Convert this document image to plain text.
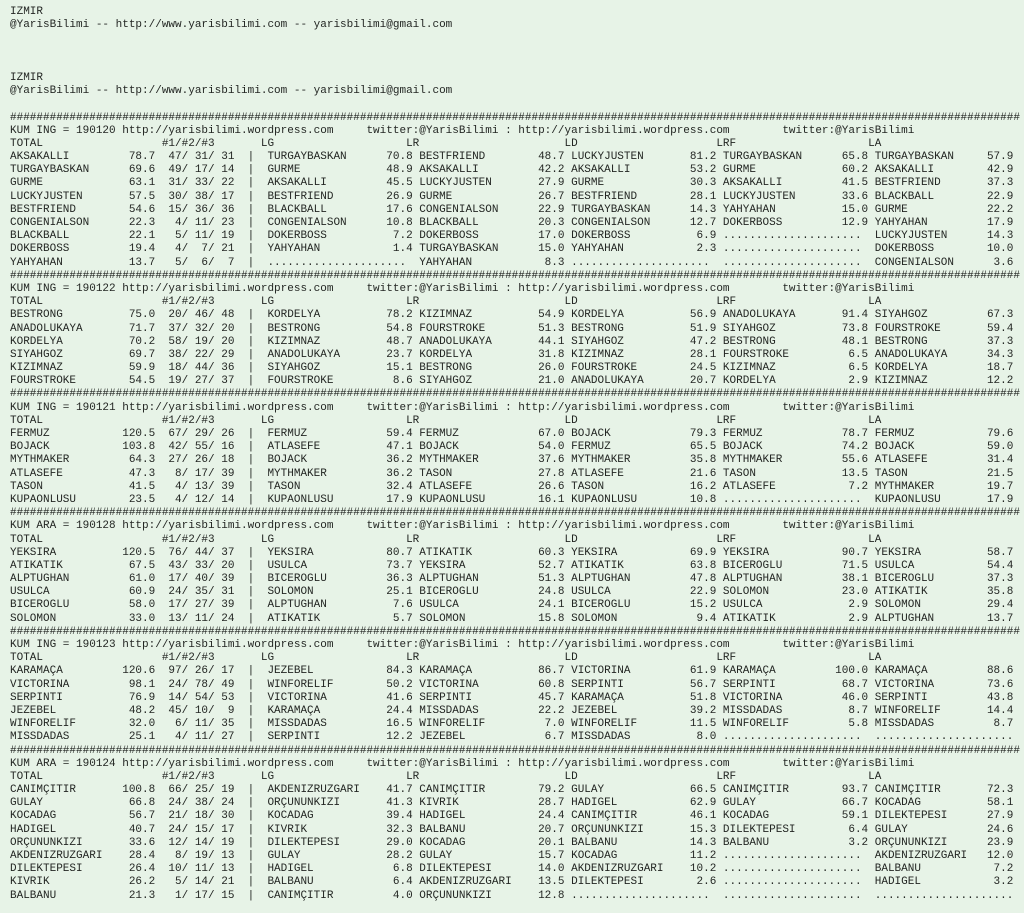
IZMIR
@YarisBilimi -- http://www.yarisbilimi.com -- yarisbilimi@gmail.com
IZMIR
@YarisBilimi -- http://www.yarisbilimi.com -- yarisbilimi@gmail.com
#########################################################################################################################################################
KUM ING = 190120 http://yarisbilimi.wordpress.com     twitter:@YarisBilimi : http://yarisbilimi.wordpress.com        twitter:@YarisBilimi
TOTAL                  #1/#2/#3       LG                    LR                      LD                     LRF                    LA
AKSAKALLI         78.7  47/ 31/ 31  |  TURGAYBASKAN      70.8 BESTFRIEND        48.7 LUCKYJUSTEN       81.2 TURGAYBASKAN      65.8 TURGAYBASKAN     57.9
TURGAYBASKAN      69.6  49/ 17/ 14  |  GURME             48.9 AKSAKALLI         42.2 AKSAKALLI         53.2 GURME             60.2 AKSAKALLI        42.9
GURME             63.1  31/ 33/ 22  |  AKSAKALLI         45.5 LUCKYJUSTEN       27.9 GURME             30.3 AKSAKALLI         41.5 BESTFRIEND       37.3
LUCKYJUSTEN       57.5  30/ 38/ 17  |  BESTFRIEND        26.9 GURME             26.7 BESTFRIEND        28.1 LUCKYJUSTEN       33.6 BLACKBALL        22.9
BESTFRIEND        54.6  15/ 36/ 36  |  BLACKBALL         17.6 CONGENIALSON      22.9 TURGAYBASKAN      14.3 YAHYAHAN          15.0 GURME            22.2
CONGENIALSON      22.3   4/ 11/ 23  |  CONGENIALSON      10.8 BLACKBALL         20.3 CONGENIALSON      12.7 DÖKERBOSS         12.9 YAHYAHAN         17.9
BLACKBALL         22.1   5/ 11/ 19  |  DÖKERBOSS          7.2 DÖKERBOSS         17.0 DÖKERBOSS          6.9 .....................  LUCKYJUSTEN      14.3
DÖKERBOSS         19.4   4/  7/ 21  |  YAHYAHAN           1.4 TURGAYBASKAN      15.0 YAHYAHAN           2.3 .....................  DÖKERBOSS        10.0
YAHYAHAN          13.7   5/  6/  7  |  .....................  YAHYAHAN           8.3 .....................  .....................  CONGENIALSON      3.6
#########################################################################################################################################################
KUM ING = 190122 http://yarisbilimi.wordpress.com     twitter:@YarisBilimi : http://yarisbilimi.wordpress.com        twitter:@YarisBilimi
TOTAL                  #1/#2/#3       LG                    LR                      LD                     LRF                    LA
BESTRONG          75.0  20/ 46/ 48  |  KORDELYA          78.2 KIZIMNAZ          54.9 KORDELYA          56.9 ANADOLUKAYA       91.4 SIYAHGÖZ         67.3
ANADOLUKAYA       71.7  37/ 32/ 20  |  BESTRONG          54.8 FOURSTROKE        51.3 BESTRONG          51.9 SIYAHGÖZ          73.8 FOURSTROKE       59.4
KORDELYA          70.2  58/ 19/ 20  |  KIZIMNAZ          48.7 ANADOLUKAYA       44.1 SIYAHGÖZ          47.2 BESTRONG          48.1 BESTRONG         37.3
SIYAHGÖZ          69.7  38/ 22/ 29  |  ANADOLUKAYA       23.7 KORDELYA          31.8 KIZIMNAZ          28.1 FOURSTROKE         6.5 ANADOLUKAYA      34.3
KIZIMNAZ          59.9  18/ 44/ 36  |  SIYAHGÖZ          15.1 BESTRONG          26.0 FOURSTROKE        24.5 KIZIMNAZ           6.5 KORDELYA         18.7
FOURSTROKE        54.5  19/ 27/ 37  |  FOURSTROKE         8.6 SIYAHGÖZ          21.0 ANADOLUKAYA       20.7 KORDELYA           2.9 KIZIMNAZ         12.2
#########################################################################################################################################################
KUM ING = 190121 http://yarisbilimi.wordpress.com     twitter:@YarisBilimi : http://yarisbilimi.wordpress.com        twitter:@YarisBilimi
TOTAL                  #1/#2/#3       LG                    LR                      LD                     LRF                    LA
FERMUZ           120.5  67/ 29/ 26  |  FERMUZ            59.4 FERMUZ            67.0 BOJACK            79.3 FERMUZ            78.7 FERMUZ           79.6
BOJACK           103.8  42/ 55/ 16  |  ATLASEFE          47.1 BOJACK            54.0 FERMUZ            65.5 BOJACK            74.2 BOJACK           59.0
MYTHMAKER         64.3  27/ 26/ 18  |  BOJACK            36.2 MYTHMAKER         37.6 MYTHMAKER         35.8 MYTHMAKER         55.6 ATLASEFE         31.4
ATLASEFE          47.3   8/ 17/ 39  |  MYTHMAKER         36.2 TASON             27.8 ATLASEFE          21.6 TASON             13.5 TASON            21.5
TASON             41.5   4/ 13/ 39  |  TASON             32.4 ATLASEFE          26.6 TASON             16.2 ATLASEFE           7.2 MYTHMAKER        19.7
KUPAONLUSU        23.5   4/ 12/ 14  |  KUPAONLUSU        17.9 KUPAONLUSU        16.1 KUPAONLUSU        10.8 .....................  KUPAONLUSU       17.9
#########################################################################################################################################################
KUM ARA = 190128 http://yarisbilimi.wordpress.com     twitter:@YarisBilimi : http://yarisbilimi.wordpress.com        twitter:@YarisBilimi
TOTAL                  #1/#2/#3       LG                    LR                      LD                     LRF                    LA
YEKSIRA          120.5  76/ 44/ 37  |  YEKSIRA           80.7 ATIKATIK          60.3 YEKSIRA           69.9 YEKSIRA           90.7 YEKSIRA          58.7
ATIKATIK          67.5  43/ 33/ 20  |  USULCA            73.7 YEKSIRA           52.7 ATIKATIK          63.8 BICEROGLU         71.5 USULCA           54.4
ALPTUGHAN         61.0  17/ 40/ 39  |  BICEROGLU         36.3 ALPTUGHAN         51.3 ALPTUGHAN         47.8 ALPTUGHAN         38.1 BICEROGLU        37.3
USULCA            60.9  24/ 35/ 31  |  SOLOMON           25.1 BICEROGLU         24.8 USULCA            22.9 SOLOMON           23.0 ATIKATIK         35.8
BICEROGLU         58.0  17/ 27/ 39  |  ALPTUGHAN          7.6 USULCA            24.1 BICEROGLU         15.2 USULCA             2.9 SOLOMON          29.4
SOLOMON           33.0  13/ 11/ 24  |  ATIKATIK           5.7 SOLOMON           15.8 SOLOMON            9.4 ATIKATIK           2.9 ALPTUGHAN        13.7
#########################################################################################################################################################
KUM ING = 190123 http://yarisbilimi.wordpress.com     twitter:@YarisBilimi : http://yarisbilimi.wordpress.com        twitter:@YarisBilimi
TOTAL                  #1/#2/#3       LG                    LR                      LD                     LRF                    LA
KARAMAÇA         120.6  97/ 26/ 17  |  JEZEBEL           84.3 KARAMAÇA          86.7 VICTORINA         61.9 KARAMAÇA         100.0 KARAMAÇA         88.6
VICTORINA         98.1  24/ 78/ 49  |  WINFORELIF        50.2 VICTORINA         60.8 SERPINTI          56.7 SERPINTI          68.7 VICTORINA        73.6
SERPINTI          76.9  14/ 54/ 53  |  VICTORINA         41.6 SERPINTI          45.7 KARAMAÇA          51.8 VICTORINA         46.0 SERPINTI         43.8
JEZEBEL           48.2  45/ 10/  9  |  KARAMAÇA          24.4 MISSDADAS         22.2 JEZEBEL           39.2 MISSDADAS          8.7 WINFORELIF       14.4
WINFORELIF        32.0   6/ 11/ 35  |  MISSDADAS         16.5 WINFORELIF         7.0 WINFORELIF        11.5 WINFORELIF         5.8 MISSDADAS         8.7
MISSDADAS         25.1   4/ 11/ 27  |  SERPINTI          12.2 JEZEBEL            6.7 MISSDADAS          8.0 .....................  .....................
#########################################################################################################################################################
KUM ARA = 190124 http://yarisbilimi.wordpress.com     twitter:@YarisBilimi : http://yarisbilimi.wordpress.com        twitter:@YarisBilimi
TOTAL                  #1/#2/#3       LG                    LR                      LD                     LRF                    LA
CANIMÇITIR       100.8  66/ 25/ 19  |  AKDENIZRÜZGARI    41.7 CANIMÇITIR        79.2 GÜLAY             66.5 CANIMÇITIR        93.7 CANIMÇITIR       72.3
GÜLAY             66.8  24/ 38/ 24  |  ORÇUNUNKIZI       41.3 KIVRIK            28.7 HADIGEL           62.9 GÜLAY             66.7 KOCADAG          58.1
KOCADAG           56.7  21/ 18/ 30  |  KOCADAG           39.4 HADIGEL           24.4 CANIMÇITIR        46.1 KOCADAG           59.1 DILEKTEPESI      27.9
HADIGEL           40.7  24/ 15/ 17  |  KIVRIK            32.3 BALBANU           20.7 ORÇUNUNKIZI       15.3 DILEKTEPESI        6.4 GÜLAY            24.6
ORÇUNUNKIZI       33.6  12/ 14/ 19  |  DILEKTEPESI       29.0 KOCADAG           20.1 BALBANU           14.3 BALBANU            3.2 ORÇUNUNKIZI      23.9
AKDENIZRÜZGARI    28.4   8/ 19/ 13  |  GÜLAY             28.2 GÜLAY             15.7 KOCADAG           11.2 .....................  AKDENIZRÜZGARI   12.0
DILEKTEPESI       26.4  10/ 11/ 13  |  HADIGEL            6.8 DILEKTEPESI       14.0 AKDENIZRÜZGARI    10.2 .....................  BALBANU           7.2
KIVRIK            26.2   5/ 14/ 21  |  BALBANU            6.4 AKDENIZRÜZGARI    13.5 DILEKTEPESI        2.6 .....................  HADIGEL           3.2
BALBANU           21.3   1/ 17/ 15  |  CANIMÇITIR         4.0 ORÇUNUNKIZI       12.8 .....................  .....................  .....................
